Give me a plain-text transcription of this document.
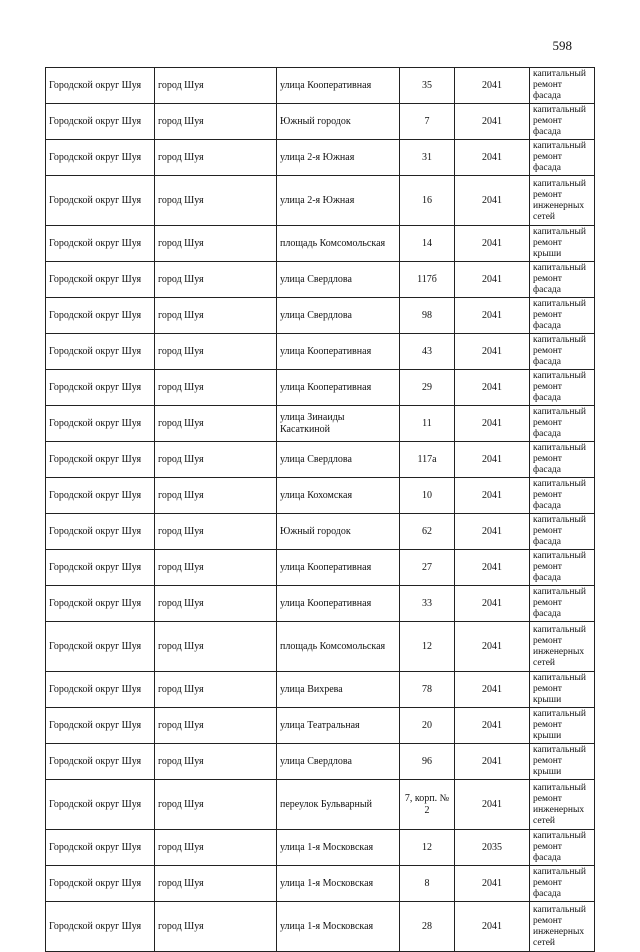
598
Городской округ Шуя	город Шуя	улица Кооперативная	35	2041	капитальный ремонт фасада
Городской округ Шуя	город Шуя	Южный городок	7	2041	капитальный ремонт фасада
Городской округ Шуя	город Шуя	улица 2-я Южная	31	2041	капитальный ремонт фасада
Городской округ Шуя	город Шуя	улица 2-я Южная	16	2041	капитальный ремонт инженерных сетей
Городской округ Шуя	город Шуя	площадь Комсомольская	14	2041	капитальный ремонт крыши
Городской округ Шуя	город Шуя	улица Свердлова	117б	2041	капитальный ремонт фасада
Городской округ Шуя	город Шуя	улица Свердлова	98	2041	капитальный ремонт фасада
Городской округ Шуя	город Шуя	улица Кооперативная	43	2041	капитальный ремонт фасада
Городской округ Шуя	город Шуя	улица Кооперативная	29	2041	капитальный ремонт фасада
Городской округ Шуя	город Шуя	улица Зинаиды Касаткиной	11	2041	капитальный ремонт фасада
Городской округ Шуя	город Шуя	улица Свердлова	117а	2041	капитальный ремонт фасада
Городской округ Шуя	город Шуя	улица Кохомская	10	2041	капитальный ремонт фасада
Городской округ Шуя	город Шуя	Южный городок	62	2041	капитальный ремонт фасада
Городской округ Шуя	город Шуя	улица Кооперативная	27	2041	капитальный ремонт фасада
Городской округ Шуя	город Шуя	улица Кооперативная	33	2041	капитальный ремонт фасада
Городской округ Шуя	город Шуя	площадь Комсомольская	12	2041	капитальный ремонт инженерных сетей
Городской округ Шуя	город Шуя	улица Вихрева	78	2041	капитальный ремонт крыши
Городской округ Шуя	город Шуя	улица Театральная	20	2041	капитальный ремонт крыши
Городской округ Шуя	город Шуя	улица Свердлова	96	2041	капитальный ремонт крыши
Городской округ Шуя	город Шуя	переулок Бульварный	7, корп. № 2	2041	капитальный ремонт инженерных сетей
Городской округ Шуя	город Шуя	улица 1-я Московская	12	2035	капитальный ремонт фасада
Городской округ Шуя	город Шуя	улица 1-я Московская	8	2041	капитальный ремонт фасада
Городской округ Шуя	город Шуя	улица 1-я Московская	28	2041	капитальный ремонт инженерных сетей
